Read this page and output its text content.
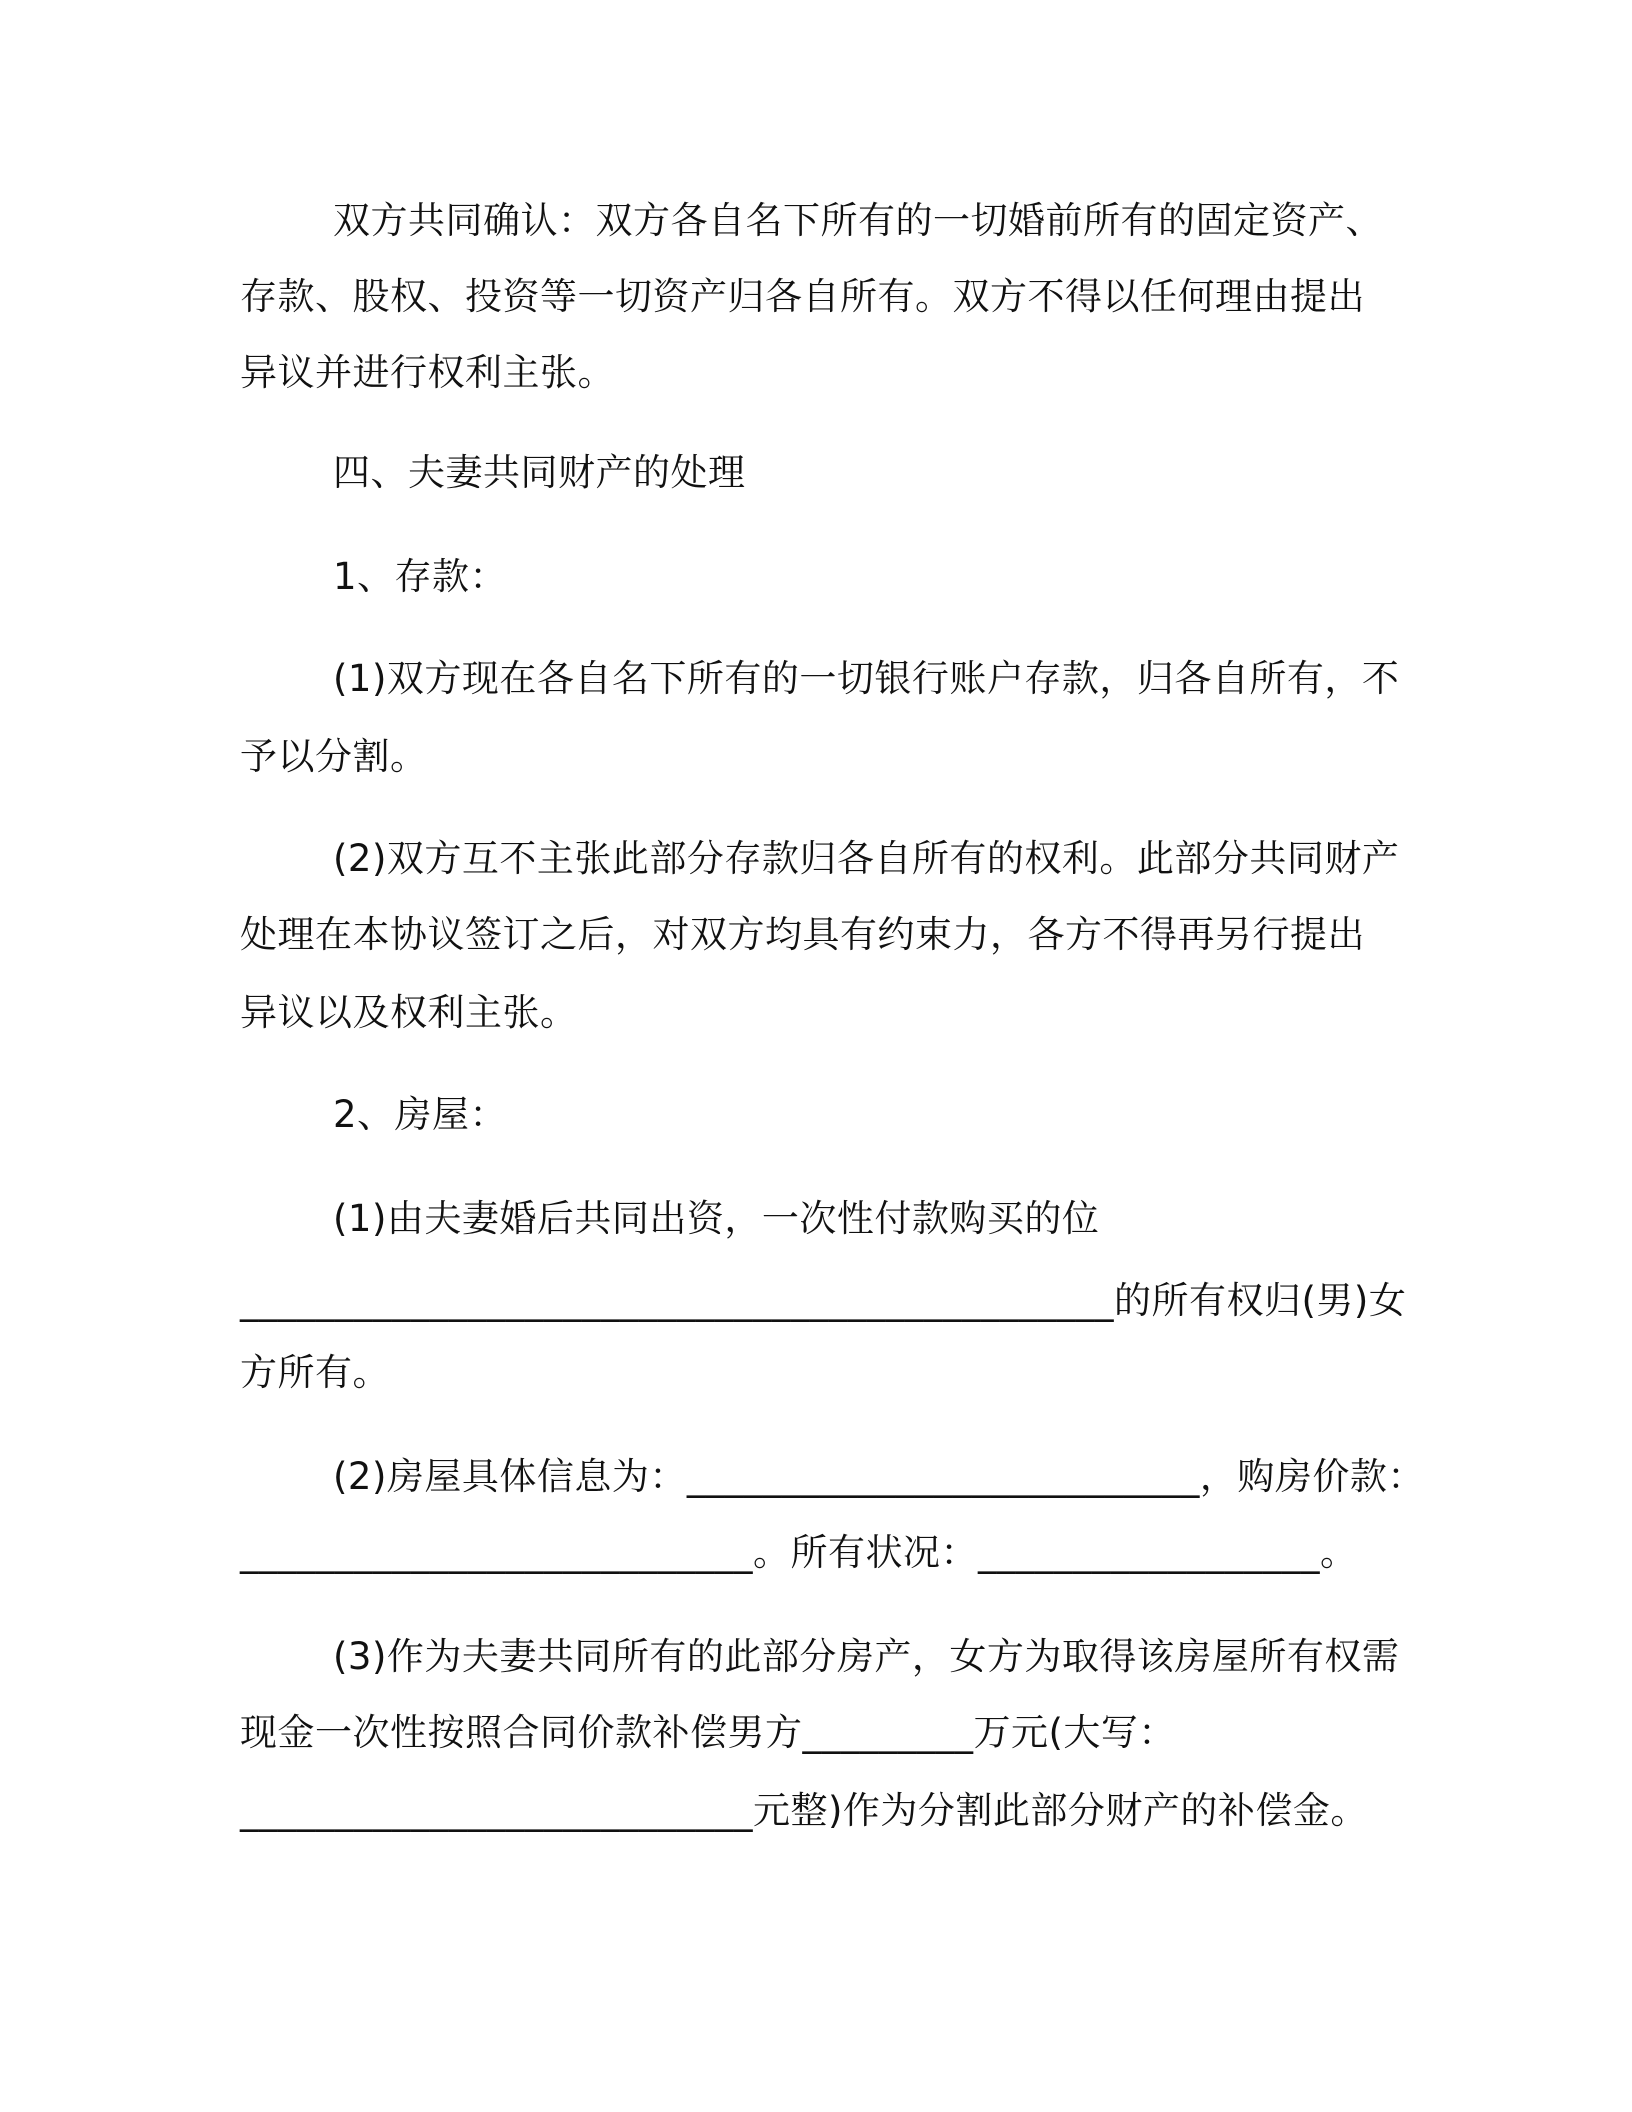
双方共同确认：双方各自名下所有的一切婚前所有的固定资产、
存款、股权、投资等一切资产归各自所有。双方不得以任何理由提出
异议并进行权利主张。
四、夫妻共同财产的处理
1、存款：
(1)双方现在各自名下所有的一切银行账户存款，归各自所有，不
予以分割。
(2)双方互不主张此部分存款归各自所有的权利。此部分共同财产
处理在本协议签订之后，对双方均具有约束力，各方不得再另行提出
异议以及权利主张。
2、房屋：
(1)由夫妻婚后共同出资，一次性付款购买的位
______________________________________________的所有权归(男)女
方所有。
(2)房屋具体信息为：___________________________，购房价款：
___________________________。所有状况：__________________。
(3)作为夫妻共同所有的此部分房产，女方为取得该房屋所有权需
现金一次性按照合同价款补偿男方_________万元(大写：
___________________________元整)作为分割此部分财产的补偿金。
